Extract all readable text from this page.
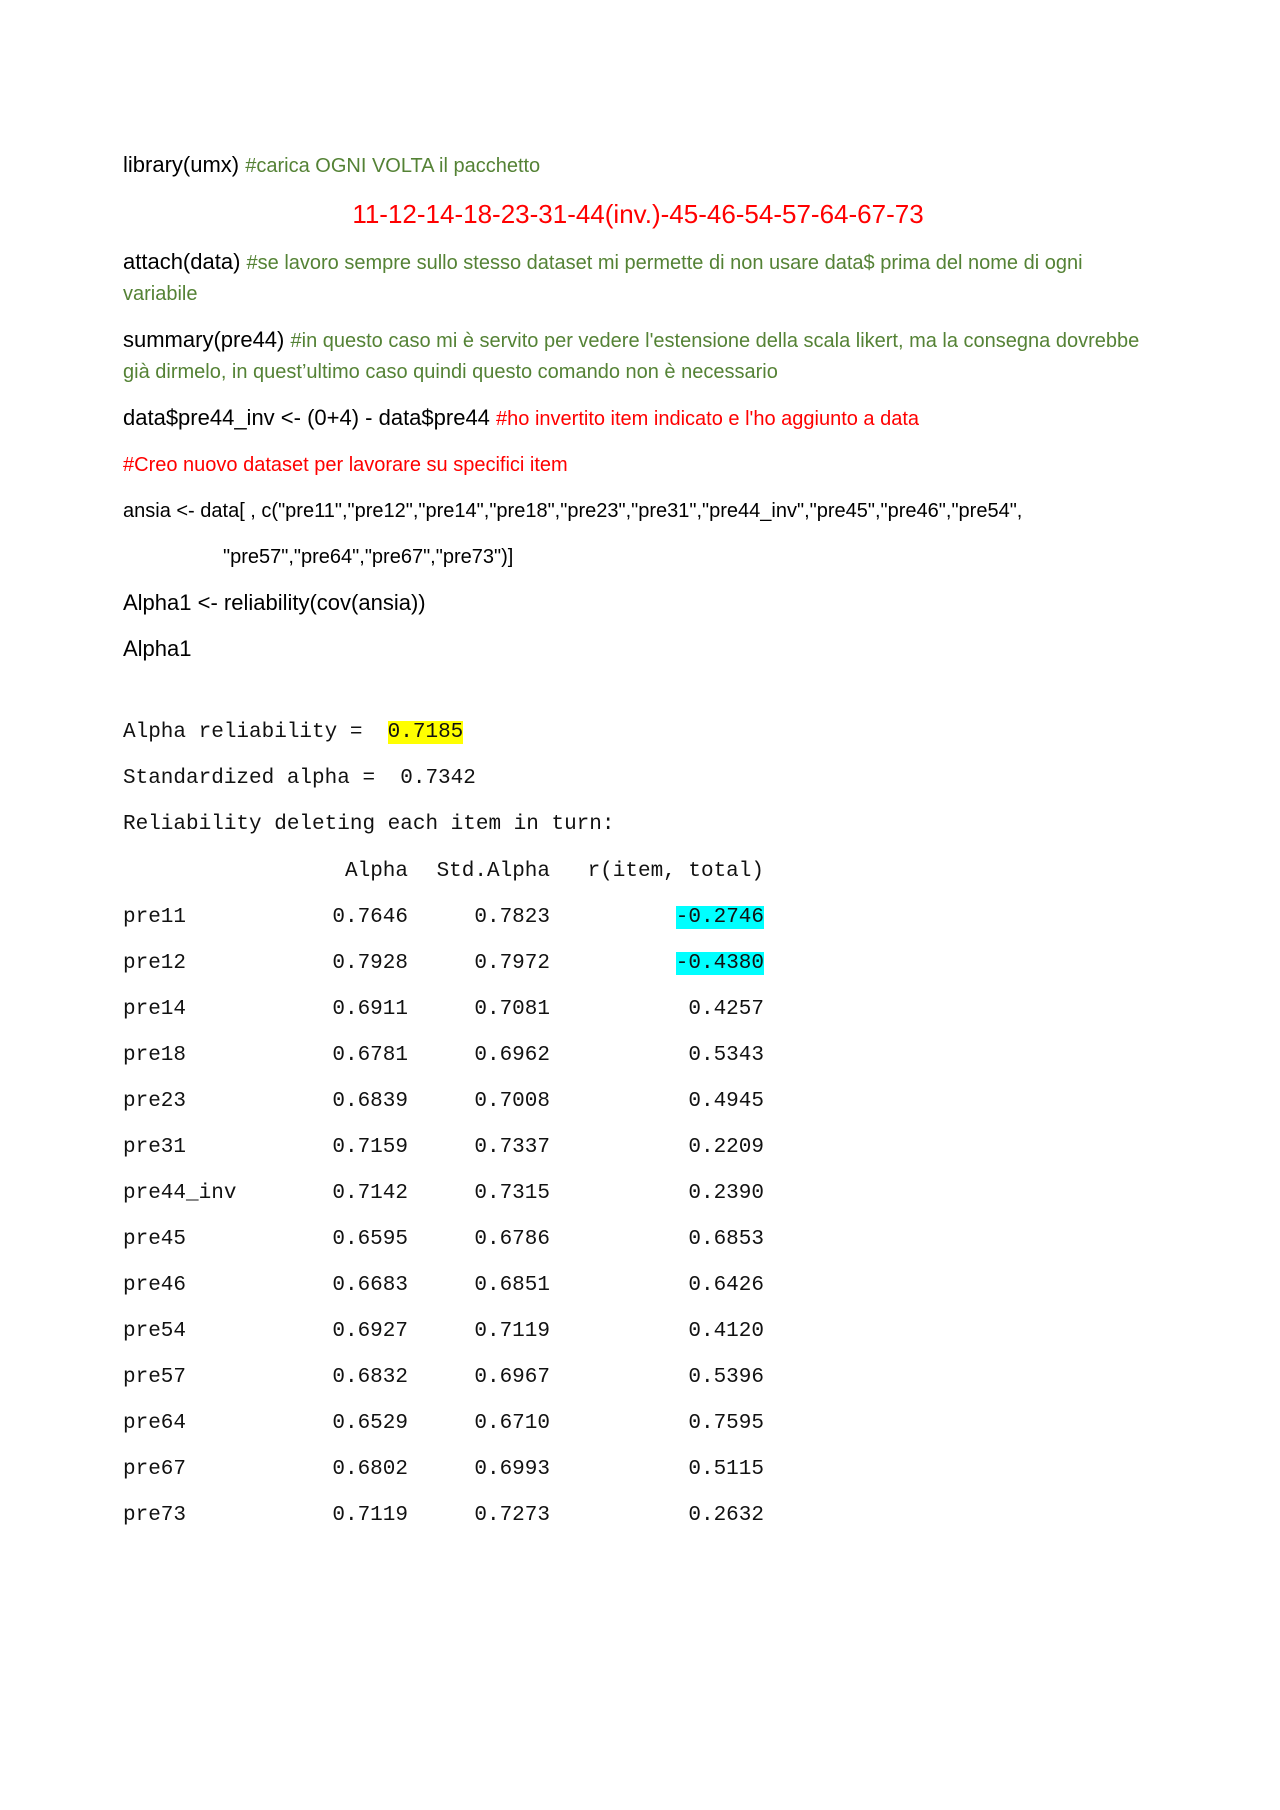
library(umx) #carica OGNI VOLTA il pacchetto

11-12-14-18-23-31-44(inv.)-45-46-54-57-64-67-73

attach(data) #se lavoro sempre sullo stesso dataset mi permette di non usare data$ prima del nome di ogni variabile

summary(pre44) #in questo caso mi è servito per vedere l'estensione della scala likert, ma la consegna dovrebbe già dirmelo, in quest’ultimo caso quindi questo comando non è necessario

data$pre44_inv <- (0+4) - data$pre44 #ho invertito item indicato e l'ho aggiunto a data

#Creo nuovo dataset per lavorare su specifici item

ansia <- data[ , c("pre11","pre12","pre14","pre18","pre23","pre31","pre44_inv","pre45","pre46","pre54",

"pre57","pre64","pre67","pre73")]

Alpha1 <- reliability(cov(ansia))

Alpha1

Alpha reliability =  0.7185
Standardized alpha =  0.7342
Reliability deleting each item in turn:
	Alpha	Std.Alpha	r(item, total)
pre11	0.7646	0.7823	-0.2746
pre12	0.7928	0.7972	-0.4380
pre14	0.6911	0.7081	0.4257
pre18	0.6781	0.6962	0.5343
pre23	0.6839	0.7008	0.4945
pre31	0.7159	0.7337	0.2209
pre44_inv	0.7142	0.7315	0.2390
pre45	0.6595	0.6786	0.6853
pre46	0.6683	0.6851	0.6426
pre54	0.6927	0.7119	0.4120
pre57	0.6832	0.6967	0.5396
pre64	0.6529	0.6710	0.7595
pre67	0.6802	0.6993	0.5115
pre73	0.7119	0.7273	0.2632
